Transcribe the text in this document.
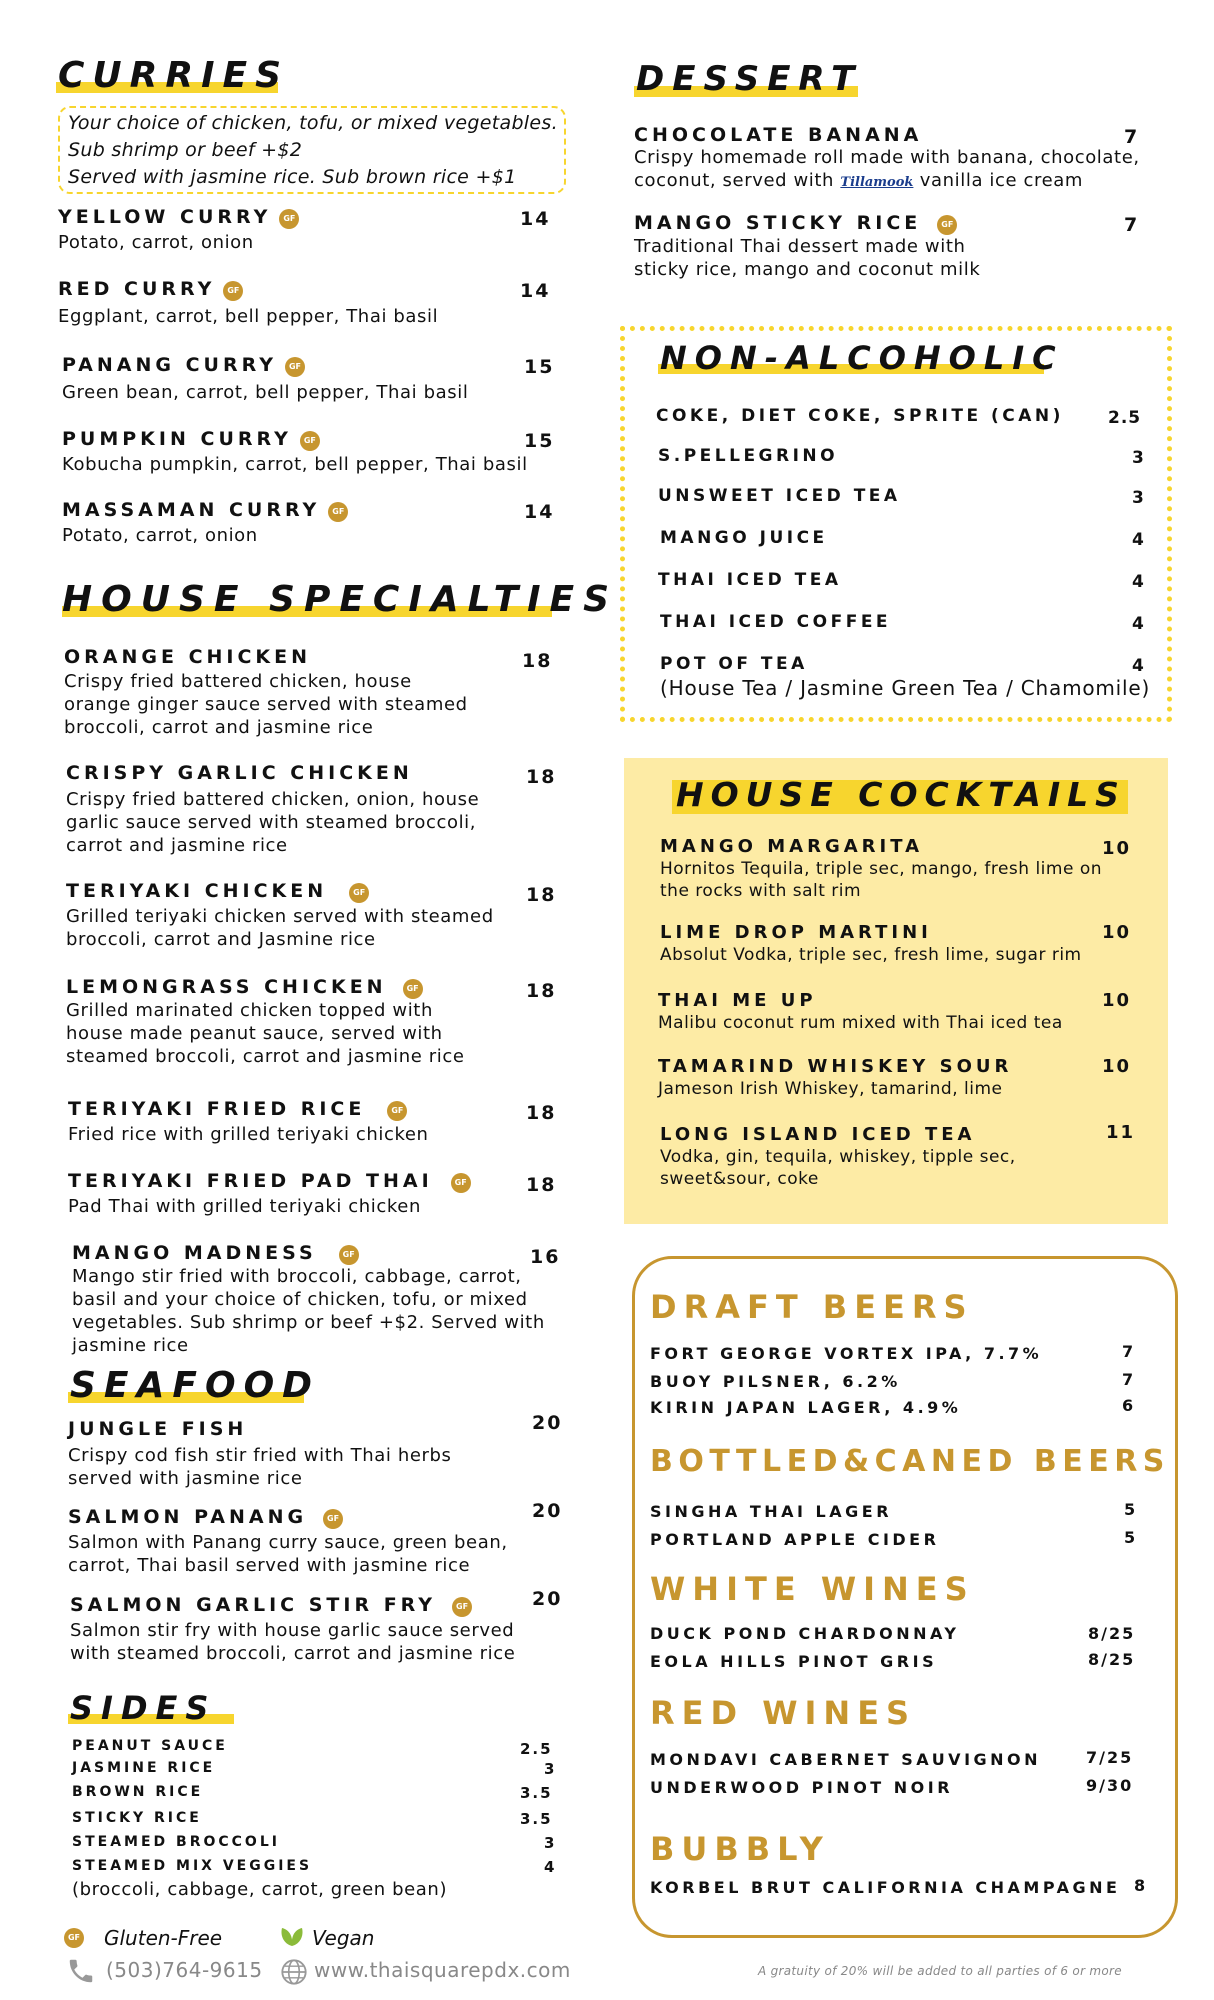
CURRIES
Your choice of chicken, tofu, or mixed vegetables.
Sub shrimp or beef +$2
Served with jasmine rice. Sub brown rice +$1
YELLOW CURRY GF
Potato, carrot, onion
14
RED CURRY GF
Eggplant, carrot, bell pepper, Thai basil
14
PANANG CURRY GF
Green bean, carrot, bell pepper, Thai basil
15
PUMPKIN CURRY GF
Kobucha pumpkin, carrot, bell pepper, Thai basil
15
MASSAMAN CURRY GF
Potato, carrot, onion
14
HOUSE SPECIALTIES
ORANGE CHICKEN
Crispy fried battered chicken, house orange ginger sauce served with steamed broccoli, carrot and jasmine rice
18
CRISPY GARLIC CHICKEN
Crispy fried battered chicken, onion, house garlic sauce served with steamed broccoli, carrot and jasmine rice
18
TERIYAKI CHICKEN	GF
Grilled teriyaki chicken served with steamed broccoli, carrot and Jasmine rice
18
LEMONGRASS CHICKEN GF
Grilled marinated chicken topped with house made peanut sauce, served with steamed broccoli, carrot and jasmine rice
18
TERIYAKI FRIED RICE	GF
Fried rice with grilled teriyaki chicken
18
TERIYAKI FRIED PAD THAI	GF
Pad Thai with grilled teriyaki chicken
18
MANGO MADNESS	GF
Mango stir fried with broccoli, cabbage, carrot, basil and your choice of chicken, tofu, or mixed vegetables. Sub shrimp or beef +$2. Served with jasmine rice
16
SEAFOOD
JUNGLE FISH
Crispy cod fish stir fried with Thai herbs served with jasmine rice
20
SALMON PANANG GF
Salmon with Panang curry sauce, green bean, carrot, Thai basil served with jasmine rice
20
SALMON GARLIC STIR FRY GF
Salmon stir fry with house garlic sauce served with steamed broccoli, carrot and jasmine rice
20
SIDES
PEANUT SAUCE	2.5
JASMINE RICE	3
BROWN RICE	3.5
STICKY RICE	3.5
STEAMED BROCCOLI	3
STEAMED MIX VEGGIES	4
(broccoli, cabbage, carrot, green bean)
GF Gluten-Free	Vegan
(503)764-9615	www.thaisquarepdx.com
DESSERT
CHOCOLATE BANANA
Crispy homemade roll made with banana, chocolate,
coconut, served with Tillamook vanilla ice cream
7
MANGO STICKY RICE GF
Traditional Thai dessert made with
sticky rice, mango and coconut milk
7
NON-ALCOHOLIC
COKE, DIET COKE, SPRITE (CAN)	2.5
S.PELLEGRINO	3
UNSWEET ICED TEA	3
MANGO JUICE	4
THAI ICED TEA	4
THAI ICED COFFEE	4
POT OF TEA	4
(House Tea / Jasmine Green Tea / Chamomile)
HOUSE COCKTAILS
MANGO MARGARITA	10
Hornitos Tequila, triple sec, mango, fresh lime on the rocks with salt rim
LIME DROP MARTINI	10
Absolut Vodka, triple sec, fresh lime, sugar rim
THAI ME UP	10
Malibu coconut rum mixed with Thai iced tea
TAMARIND WHISKEY SOUR	10
Jameson Irish Whiskey, tamarind, lime
LONG ISLAND ICED TEA	11
Vodka, gin, tequila, whiskey, tipple sec, sweet&sour, coke
DRAFT BEERS
FORT GEORGE VORTEX IPA, 7.7%	7
BUOY PILSNER, 6.2%	7
KIRIN JAPAN LAGER, 4.9%	6
BOTTLED&CANED BEERS
SINGHA THAI LAGER	5
PORTLAND APPLE CIDER	5
WHITE WINES
DUCK POND CHARDONNAY	8/25
EOLA HILLS PINOT GRIS	8/25
RED WINES
MONDAVI CABERNET SAUVIGNON	7/25
UNDERWOOD PINOT NOIR	9/30
BUBBLY
KORBEL BRUT CALIFORNIA CHAMPAGNE 8
A gratuity of 20% will be added to all parties of 6 or more
